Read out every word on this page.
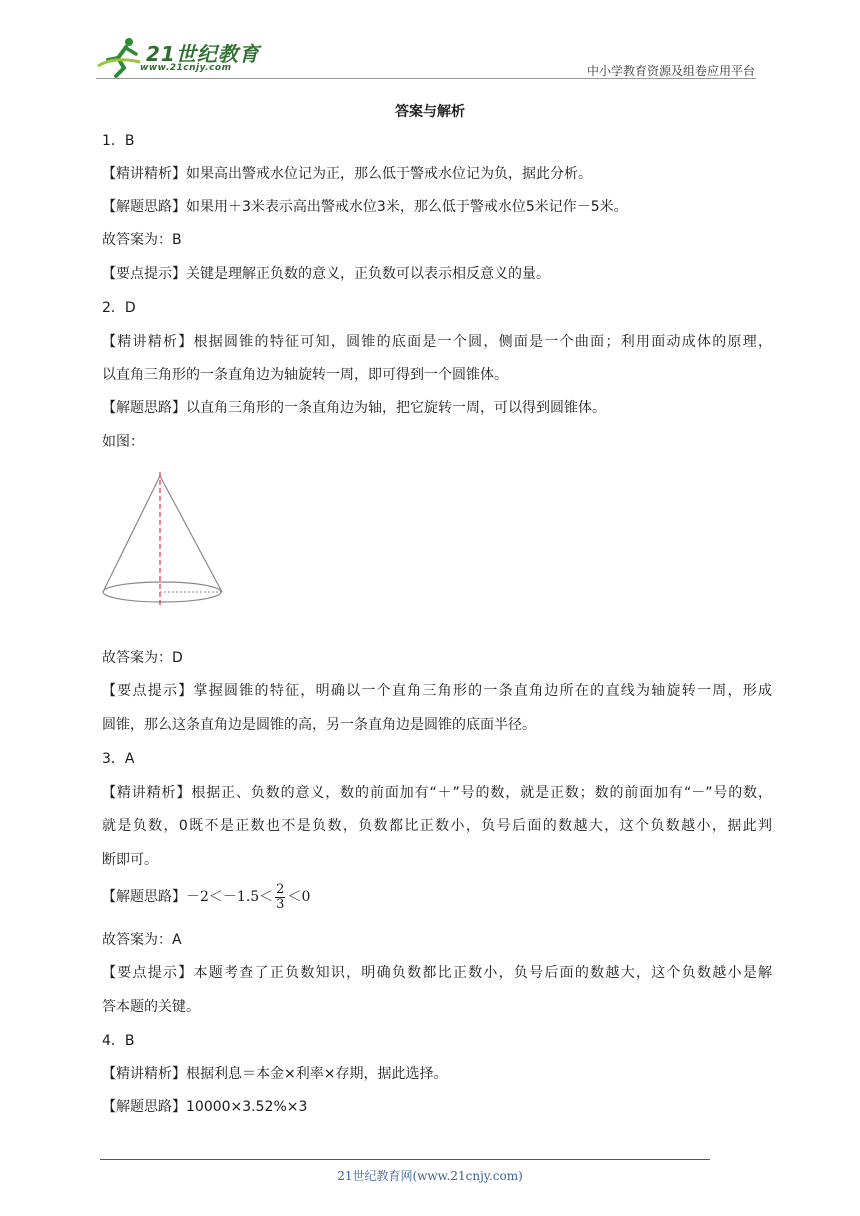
21世纪教育
www.21cnjy.com	中小学教育资源及组卷应用平台
答案与解析
1．B
【精讲精析】如果高出警戒水位记为正，那么低于警戒水位记为负，据此分析。
【解题思路】如果用＋3米表示高出警戒水位3米，那么低于警戒水位5米记作－5米。
故答案为：B
【要点提示】关键是理解正负数的意义，正负数可以表示相反意义的量。
2．D
【精讲精析】根据圆锥的特征可知，圆锥的底面是一个圆，侧面是一个曲面；利用面动成体的原理，
以直角三角形的一条直角边为轴旋转一周，即可得到一个圆锥体。
【解题思路】以直角三角形的一条直角边为轴，把它旋转一周，可以得到圆锥体。
如图：
故答案为：D
【要点提示】掌握圆锥的特征，明确以一个直角三角形的一条直角边所在的直线为轴旋转一周，形成
圆锥，那么这条直角边是圆锥的高，另一条直角边是圆锥的底面半径。
3．A
【精讲精析】根据正、负数的意义，数的前面加有“＋”号的数，就是正数；数的前面加有“－”号的数，
就是负数，0既不是正数也不是负数，负数都比正数小，负号后面的数越大，这个负数越小，据此判
断即可。
【解题思路】$-2<-1.5< \frac{2}{3} <0$
故答案为：A
【要点提示】本题考查了正负数知识，明确负数都比正数小，负号后面的数越大，这个负数越小是解
答本题的关键。
4．B
【精讲精析】根据利息＝本金×利率×存期，据此选择。
【解题思路】10000×3.52%×3
21世纪教育网(www.21cnjy.com)
